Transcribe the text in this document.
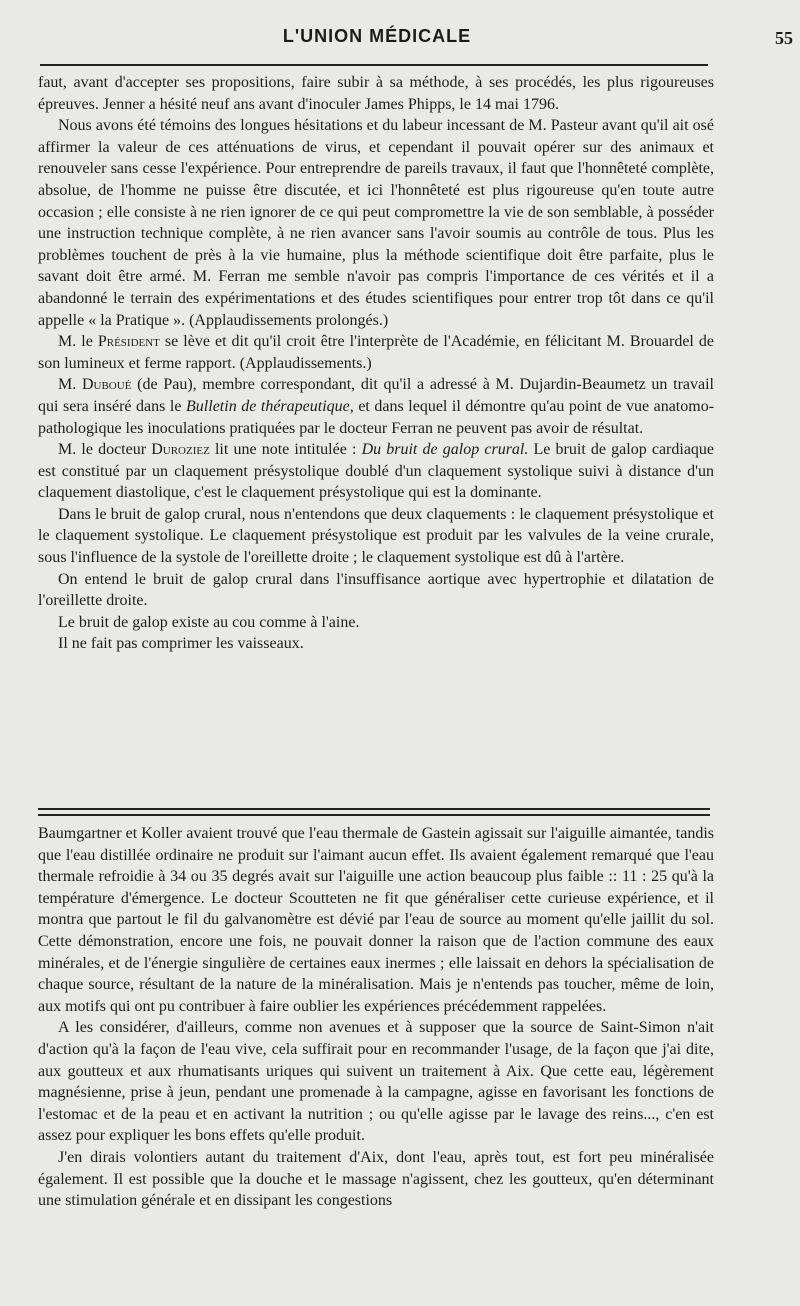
L'UNION MÉDICALE	55

faut, avant d'accepter ses propositions, faire subir à sa méthode, à ses procédés, les plus rigoureuses épreuves. Jenner a hésité neuf ans avant d'inoculer James Phipps, le 14 mai 1796.

Nous avons été témoins des longues hésitations et du labeur incessant de M. Pasteur avant qu'il ait osé affirmer la valeur de ces atténuations de virus, et cependant il pouvait opérer sur des animaux et renouveler sans cesse l'expérience. Pour entreprendre de pareils travaux, il faut que l'honnêteté complète, absolue, de l'homme ne puisse être discutée, et ici l'honnêteté est plus rigoureuse qu'en toute autre occasion ; elle consiste à ne rien ignorer de ce qui peut compromettre la vie de son semblable, à posséder une instruction technique complète, à ne rien avancer sans l'avoir soumis au contrôle de tous. Plus les problèmes touchent de près à la vie humaine, plus la méthode scientifique doit être parfaite, plus le savant doit être armé. M. Ferran me semble n'avoir pas compris l'importance de ces vérités et il a abandonné le terrain des expérimentations et des études scientifiques pour entrer trop tôt dans ce qu'il appelle « la Pratique ». (Applaudissements prolongés.)

M. le Président se lève et dit qu'il croit être l'interprète de l'Académie, en félicitant M. Brouardel de son lumineux et ferme rapport. (Applaudissements.)

M. Duboué (de Pau), membre correspondant, dit qu'il a adressé à M. Dujardin-Beaumetz un travail qui sera inséré dans le Bulletin de thérapeutique, et dans lequel il démontre qu'au point de vue anatomo-pathologique les inoculations pratiquées par le docteur Ferran ne peuvent pas avoir de résultat.

M. le docteur Duroziez lit une note intitulée : Du bruit de galop crural. Le bruit de galop cardiaque est constitué par un claquement présystolique doublé d'un claquement systolique suivi à distance d'un claquement diastolique, c'est le claquement présystolique qui est la dominante.

Dans le bruit de galop crural, nous n'entendons que deux claquements : le claquement présystolique et le claquement systolique. Le claquement présystolique est produit par les valvules de la veine crurale, sous l'influence de la systole de l'oreillette droite ; le claquement systolique est dû à l'artère.

On entend le bruit de galop crural dans l'insuffisance aortique avec hypertrophie et dilatation de l'oreillette droite.

Le bruit de galop existe au cou comme à l'aine.

Il ne fait pas comprimer les vaisseaux.

Baumgartner et Koller avaient trouvé que l'eau thermale de Gastein agissait sur l'aiguille aimantée, tandis que l'eau distillée ordinaire ne produit sur l'aimant aucun effet. Ils avaient également remarqué que l'eau thermale refroidie à 34 ou 35 degrés avait sur l'aiguille une action beaucoup plus faible :: 11 : 25 qu'à la température d'émergence. Le docteur Scoutteten ne fit que généraliser cette curieuse expérience, et il montra que partout le fil du galvanomètre est dévié par l'eau de source au moment qu'elle jaillit du sol. Cette démonstration, encore une fois, ne pouvait donner la raison que de l'action commune des eaux minérales, et de l'énergie singulière de certaines eaux inermes ; elle laissait en dehors la spécialisation de chaque source, résultant de la nature de la minéralisation. Mais je n'entends pas toucher, même de loin, aux motifs qui ont pu contribuer à faire oublier les expériences précédemment rappelées.

A les considérer, d'ailleurs, comme non avenues et à supposer que la source de Saint-Simon n'ait d'action qu'à la façon de l'eau vive, cela suffirait pour en recommander l'usage, de la façon que j'ai dite, aux goutteux et aux rhumatisants uriques qui suivent un traitement à Aix. Que cette eau, légèrement magnésienne, prise à jeun, pendant une promenade à la campagne, agisse en favorisant les fonctions de l'estomac et de la peau et en activant la nutrition ; ou qu'elle agisse par le lavage des reins..., c'en est assez pour expliquer les bons effets qu'elle produit.

J'en dirais volontiers autant du traitement d'Aix, dont l'eau, après tout, est fort peu minéralisée également. Il est possible que la douche et le massage n'agissent, chez les goutteux, qu'en déterminant une stimulation générale et en dissipant les congestions
